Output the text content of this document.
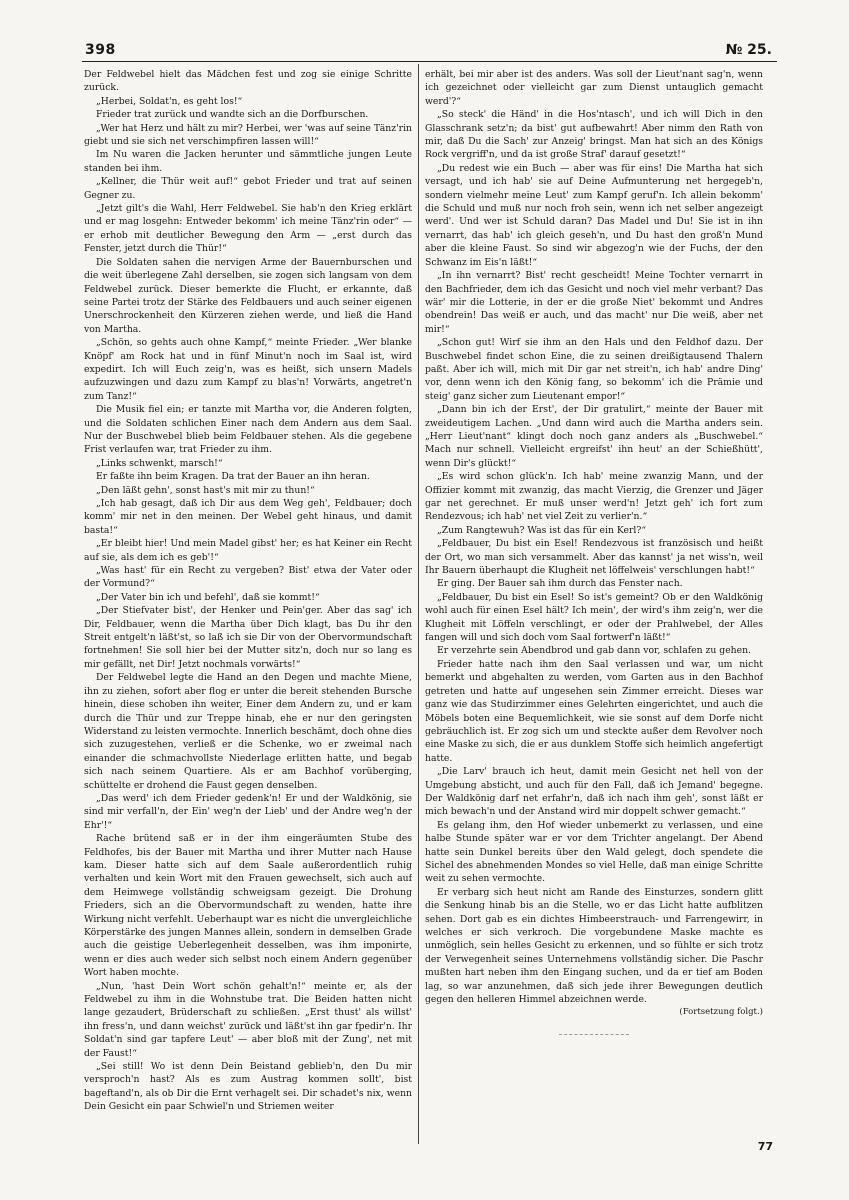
398	№ 25.

Der Feldwebel hielt das Mädchen fest und zog sie einige Schritte zurück.

„Herbei, Soldat'n, es geht los!“

Frieder trat zurück und wandte sich an die Dorfburschen.

„Wer hat Herz und hält zu mir? Herbei, wer 'was auf seine Tänz'rin giebt und sie sich net verschimpfiren lassen will!“

Im Nu waren die Jacken herunter und sämmtliche jungen Leute standen bei ihm.

„Kellner, die Thür weit auf!“ gebot Frieder und trat auf seinen Gegner zu.

„Jetzt gilt's die Wahl, Herr Feldwebel. Sie hab'n den Krieg erklärt und er mag losgehn: Entweder bekomm' ich meine Tänz'rin oder“ — er erhob mit deutlicher Bewegung den Arm — „erst durch das Fenster, jetzt durch die Thür!“

Die Soldaten sahen die nervigen Arme der Bauernburschen und die weit überlegene Zahl derselben, sie zogen sich langsam von dem Feldwebel zurück. Dieser bemerkte die Flucht, er erkannte, daß seine Partei trotz der Stärke des Feldbauers und auch seiner eigenen Unerschrockenheit den Kürzeren ziehen werde, und ließ die Hand von Martha.

„Schön, so gehts auch ohne Kampf,“ meinte Frieder. „Wer blanke Knöpf' am Rock hat und in fünf Minut'n noch im Saal ist, wird expedirt. Ich will Euch zeig'n, was es heißt, sich unsern Madels aufzuzwingen und dazu zum Kampf zu blas'n! Vorwärts, angetret'n zum Tanz!“

Die Musik fiel ein; er tanzte mit Martha vor, die Anderen folgten, und die Soldaten schlichen Einer nach dem Andern aus dem Saal. Nur der Buschwebel blieb beim Feldbauer stehen. Als die gegebene Frist verlaufen war, trat Frieder zu ihm.

„Links schwenkt, marsch!“

Er faßte ihn beim Kragen. Da trat der Bauer an ihn heran.

„Den läßt gehn', sonst hast's mit mir zu thun!“

„Ich hab gesagt, daß ich Dir aus dem Weg geh', Feldbauer; doch komm' mir net in den meinen. Der Webel geht hinaus, und damit basta!“

„Er bleibt hier! Und mein Madel gibst' her; es hat Keiner ein Recht auf sie, als dem ich es geb'!“

„Was hast' für ein Recht zu vergeben? Bist' etwa der Vater oder der Vormund?“

„Der Vater bin ich und befehl', daß sie kommt!“

„Der Stiefvater bist', der Henker und Pein'ger. Aber das sag' ich Dir, Feldbauer, wenn die Martha über Dich klagt, bas Du ihr den Streit entgelt'n läßt'st, so laß ich sie Dir von der Obervormundschaft fortnehmen! Sie soll hier bei der Mutter sitz'n, doch nur so lang es mir gefällt, net Dir! Jetzt nochmals vorwärts!“

Der Feldwebel legte die Hand an den Degen und machte Miene, ihn zu ziehen, sofort aber flog er unter die bereit stehenden Bursche hinein, diese schoben ihn weiter, Einer dem Andern zu, und er kam durch die Thür und zur Treppe hinab, ehe er nur den geringsten Widerstand zu leisten vermochte. Innerlich beschämt, doch ohne dies sich zuzugestehen, verließ er die Schenke, wo er zweimal nach einander die schmachvollste Niederlage erlitten hatte, und begab sich nach seinem Quartiere. Als er am Bachhof vorüberging, schüttelte er drohend die Faust gegen denselben.

„Das werd' ich dem Frieder gedenk'n! Er und der Waldkönig, sie sind mir verfall'n, der Ein' weg'n der Lieb' und der Andre weg'n der Ehr'!“

Rache brütend saß er in der ihm eingeräumten Stube des Feldhofes, bis der Bauer mit Martha und ihrer Mutter nach Hause kam. Dieser hatte sich auf dem Saale außerordentlich ruhig verhalten und kein Wort mit den Frauen gewechselt, sich auch auf dem Heimwege vollständig schweigsam gezeigt. Die Drohung Frieders, sich an die Obervormundschaft zu wenden, hatte ihre Wirkung nicht verfehlt. Ueberhaupt war es nicht die unvergleichliche Körperstärke des jungen Mannes allein, sondern in demselben Grade auch die geistige Ueberlegenheit desselben, was ihm imponirte, wenn er dies auch weder sich selbst noch einem Andern gegenüber Wort haben mochte.

„Nun, 'hast Dein Wort schön gehalt'n!“ meinte er, als der Feldwebel zu ihm in die Wohnstube trat. Die Beiden hatten nicht lange gezaudert, Brüderschaft zu schließen. „Erst thust' als willst' ihn fress'n, und dann weichst' zurück und läßt'st ihn gar fpedir'n. Ihr Soldat'n sind gar tapfere Leut' — aber bloß mit der Zung', net mit der Faust!“

„Sei still! Wo ist denn Dein Beistand geblieb'n, den Du mir versproch'n hast? Als es zum Austrag kommen sollt', bist bageftand'n, als ob Dir die Ernt verhagelt sei. Dir schadet's nix, wenn Dein Gesicht ein paar Schwiel'n und Striemen weiter

erhält, bei mir aber ist des anders. Was soll der Lieut'nant sag'n, wenn ich gezeichnet oder vielleicht gar zum Dienst untauglich gemacht werd'?“

„So steck' die Händ' in die Hos'ntasch', und ich will Dich in den Glasschrank setz'n; da bist' gut aufbewahrt! Aber nimm den Rath von mir, daß Du die Sach' zur Anzeig' bringst. Man hat sich an des Königs Rock vergriff'n, und da ist große Straf' darauf gesetzt!“

„Du redest wie ein Buch — aber was für eins! Die Martha hat sich versagt, und ich hab' sie auf Deine Aufmunterung net hergegeb'n, sondern vielmehr meine Leut' zum Kampf geruf'n. Ich allein bekomm' die Schuld und muß nur noch froh sein, wenn ich net selber angezeigt werd'. Und wer ist Schuld daran? Das Madel und Du! Sie ist in ihn vernarrt, das hab' ich gleich geseh'n, und Du hast den groß'n Mund aber die kleine Faust. So sind wir abgezog'n wie der Fuchs, der den Schwanz im Eis'n läßt!“

„In ihn vernarrt? Bist' recht gescheidt! Meine Tochter vernarrt in den Bachfrieder, dem ich das Gesicht und noch viel mehr verbant? Das wär' mir die Lotterie, in der er die große Niet' bekommt und Andres obendrein! Das weiß er auch, und das macht' nur Die weiß, aber net mir!“

„Schon gut! Wirf sie ihm an den Hals und den Feldhof dazu. Der Buschwebel findet schon Eine, die zu seinen dreißigtausend Thalern paßt. Aber ich will, mich mit Dir gar net streit'n, ich hab' andre Ding' vor, denn wenn ich den König fang, so bekomm' ich die Prämie und steig' ganz sicher zum Lieutenant empor!“

„Dann bin ich der Erst', der Dir gratulirt,“ meinte der Bauer mit zweideutigem Lachen. „Und dann wird auch die Martha anders sein. „Herr Lieut'nant“ klingt doch noch ganz anders als „Buschwebel.“ Mach nur schnell. Vielleicht ergreifst' ihn heut' an der Schießhütt', wenn Dir's glückt!“

„Es wird schon glück'n. Ich hab' meine zwanzig Mann, und der Offizier kommt mit zwanzig, das macht Vierzig, die Grenzer und Jäger gar net gerechnet. Er muß unser werd'n! Jetzt geh' ich fort zum Rendezvous; ich hab' net viel Zeit zu verlier'n.“

„Zum Rangtewuh? Was ist das für ein Kerl?“

„Feldbauer, Du bist ein Esel! Rendezvous ist französisch und heißt der Ort, wo man sich versammelt. Aber das kannst' ja net wiss'n, weil Ihr Bauern überhaupt die Klugheit net löffelweis' verschlungen habt!“

Er ging. Der Bauer sah ihm durch das Fenster nach.

„Feldbauer, Du bist ein Esel! So ist's gemeint? Ob er den Waldkönig wohl auch für einen Esel hält? Ich mein', der wird's ihm zeig'n, wer die Klugheit mit Löffeln verschlingt, er oder der Prahlwebel, der Alles fangen will und sich doch vom Saal fortwerf'n läßt!“

Er verzehrte sein Abendbrod und gab dann vor, schlafen zu gehen.

Frieder hatte nach ihm den Saal verlassen und war, um nicht bemerkt und abgehalten zu werden, vom Garten aus in den Bachhof getreten und hatte auf ungesehen sein Zimmer erreicht. Dieses war ganz wie das Studirzimmer eines Gelehrten eingerichtet, und auch die Möbels boten eine Bequemlichkeit, wie sie sonst auf dem Dorfe nicht gebräuchlich ist. Er zog sich um und steckte außer dem Revolver noch eine Maske zu sich, die er aus dunklem Stoffe sich heimlich angefertigt hatte.

„Die Larv' brauch ich heut, damit mein Gesicht net hell von der Umgebung absticht, und auch für den Fall, daß ich Jemand' begegne. Der Waldkönig darf net erfahr'n, daß ich nach ihm geh', sonst läßt er mich bewach'n und der Anstand wird mir doppelt schwer gemacht.“

Es gelang ihm, den Hof wieder unbemerkt zu verlassen, und eine halbe Stunde später war er vor dem Trichter angelangt. Der Abend hatte sein Dunkel bereits über den Wald gelegt, doch spendete die Sichel des abnehmenden Mondes so viel Helle, daß man einige Schritte weit zu sehen vermochte.

Er verbarg sich heut nicht am Rande des Einsturzes, sondern glitt die Senkung hinab bis an die Stelle, wo er das Licht hatte aufblitzen sehen. Dort gab es ein dichtes Himbeerstrauch- und Farrengewirr, in welches er sich verkroch. Die vorgebundene Maske machte es unmöglich, sein helles Gesicht zu erkennen, und so fühlte er sich trotz der Verwegenheit seines Unternehmens vollständig sicher. Die Paschr mußten hart neben ihm den Eingang suchen, und da er tief am Boden lag, so war anzunehmen, daß sich jede ihrer Bewegungen deutlich gegen den helleren Himmel abzeichnen werde.

(Fortsetzung folgt.)

77
